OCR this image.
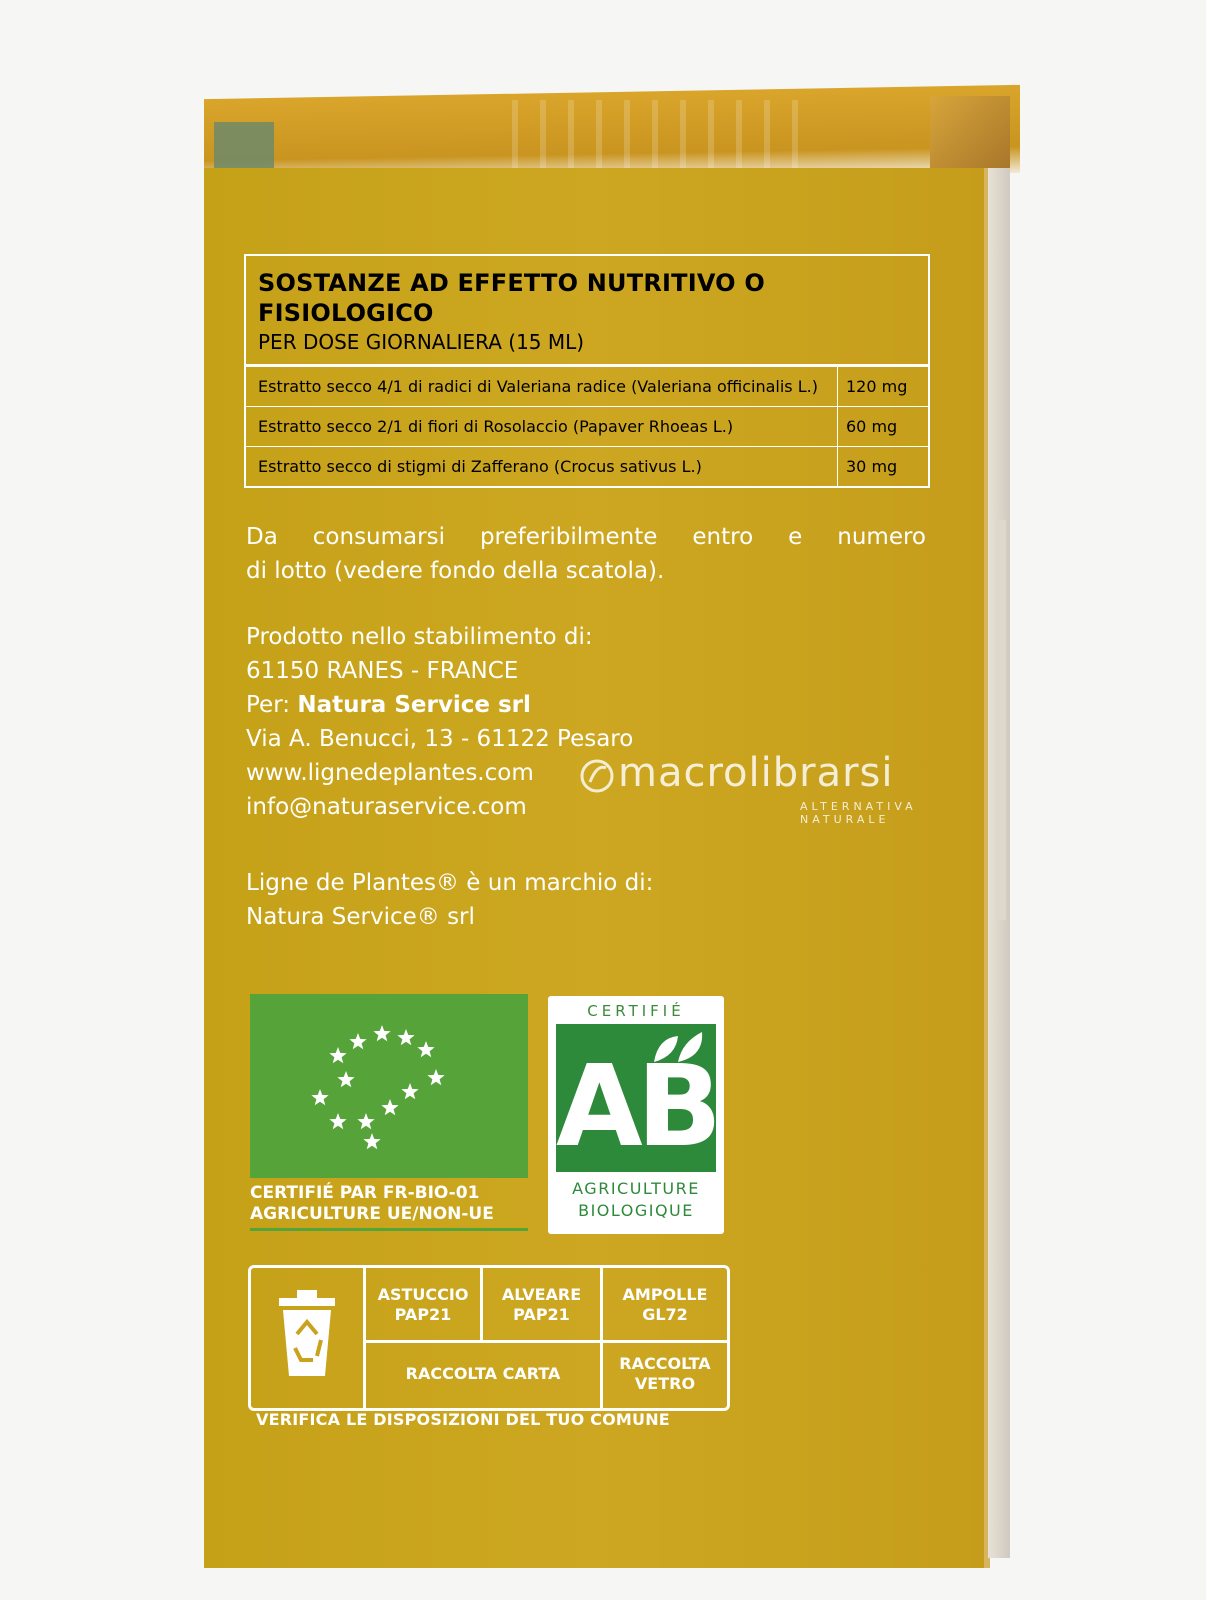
SOSTANZE AD EFFETTO NUTRITIVO O FISIOLOGICO
PER DOSE GIORNALIERA (15 ML)
Estratto secco 4/1 di radici di Valeriana radice (Valeriana officinalis L.)	120 mg
Estratto secco 2/1 di fiori di Rosolaccio (Papaver Rhoeas L.)	60 mg
Estratto secco di stigmi di Zafferano (Crocus sativus L.)	30 mg
Da consumarsi preferibilmente entro e numero
di lotto (vedere fondo della scatola).
Prodotto nello stabilimento di:
61150 RANES - FRANCE
Per: Natura Service srl
Via A. Benucci, 13 - 61122 Pesaro
www.lignedeplantes.com
info@naturaservice.com
macrolibrarsi
ALTERNATIVA NATURALE
Ligne de Plantes® è un marchio di:
Natura Service® srl
CERTIFIÉ PAR FR-BIO-01
AGRICULTURE UE/NON-UE
CERTIFIÉ
AB
AGRICULTURE
BIOLOGIQUE
ASTUCCIO
PAP21
ALVEARE
PAP21
AMPOLLE
GL72
RACCOLTA CARTA
RACCOLTA
VETRO
VERIFICA LE DISPOSIZIONI DEL TUO COMUNE
